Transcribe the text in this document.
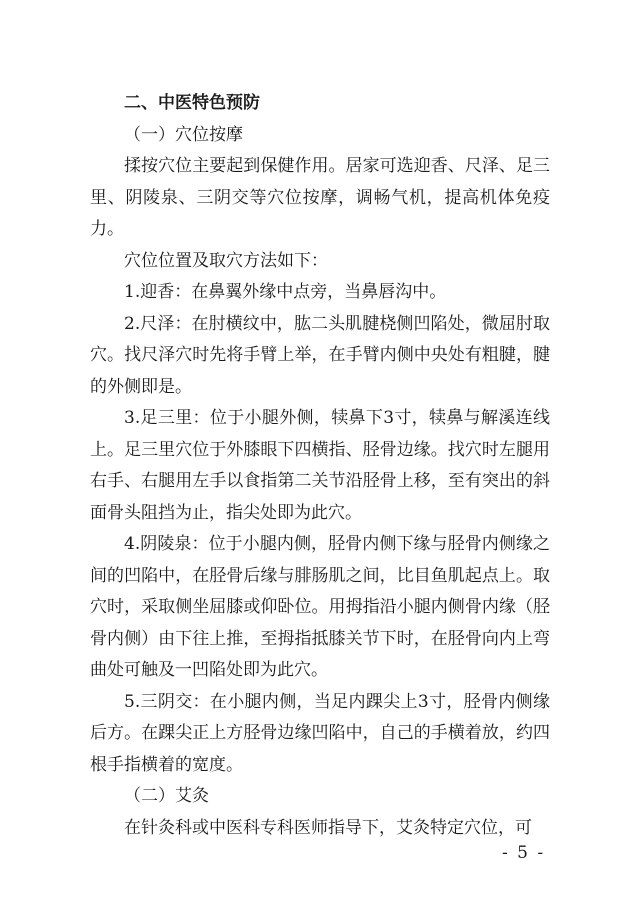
二、中医特色预防

（一）穴位按摩

揉按穴位主要起到保健作用。居家可选迎香、尺泽、足三里、阴陵泉、三阴交等穴位按摩，调畅气机，提高机体免疫力。

穴位位置及取穴方法如下：

1.迎香：在鼻翼外缘中点旁，当鼻唇沟中。

2.尺泽：在肘横纹中，肱二头肌腱桡侧凹陷处，微屈肘取穴。找尺泽穴时先将手臂上举，在手臂内侧中央处有粗腱，腱的外侧即是。

3.足三里：位于小腿外侧，犊鼻下3寸，犊鼻与解溪连线上。足三里穴位于外膝眼下四横指、胫骨边缘。找穴时左腿用右手、右腿用左手以食指第二关节沿胫骨上移，至有突出的斜面骨头阻挡为止，指尖处即为此穴。

4.阴陵泉：位于小腿内侧，胫骨内侧下缘与胫骨内侧缘之间的凹陷中，在胫骨后缘与腓肠肌之间，比目鱼肌起点上。取穴时，采取侧坐屈膝或仰卧位。用拇指沿小腿内侧骨内缘（胫骨内侧）由下往上推，至拇指抵膝关节下时，在胫骨向内上弯曲处可触及一凹陷处即为此穴。

5.三阴交：在小腿内侧，当足内踝尖上3寸，胫骨内侧缘后方。在踝尖正上方胫骨边缘凹陷中，自己的手横着放，约四根手指横着的宽度。

（二）艾灸

在针灸科或中医科专科医师指导下，艾灸特定穴位，可

- 5 -
